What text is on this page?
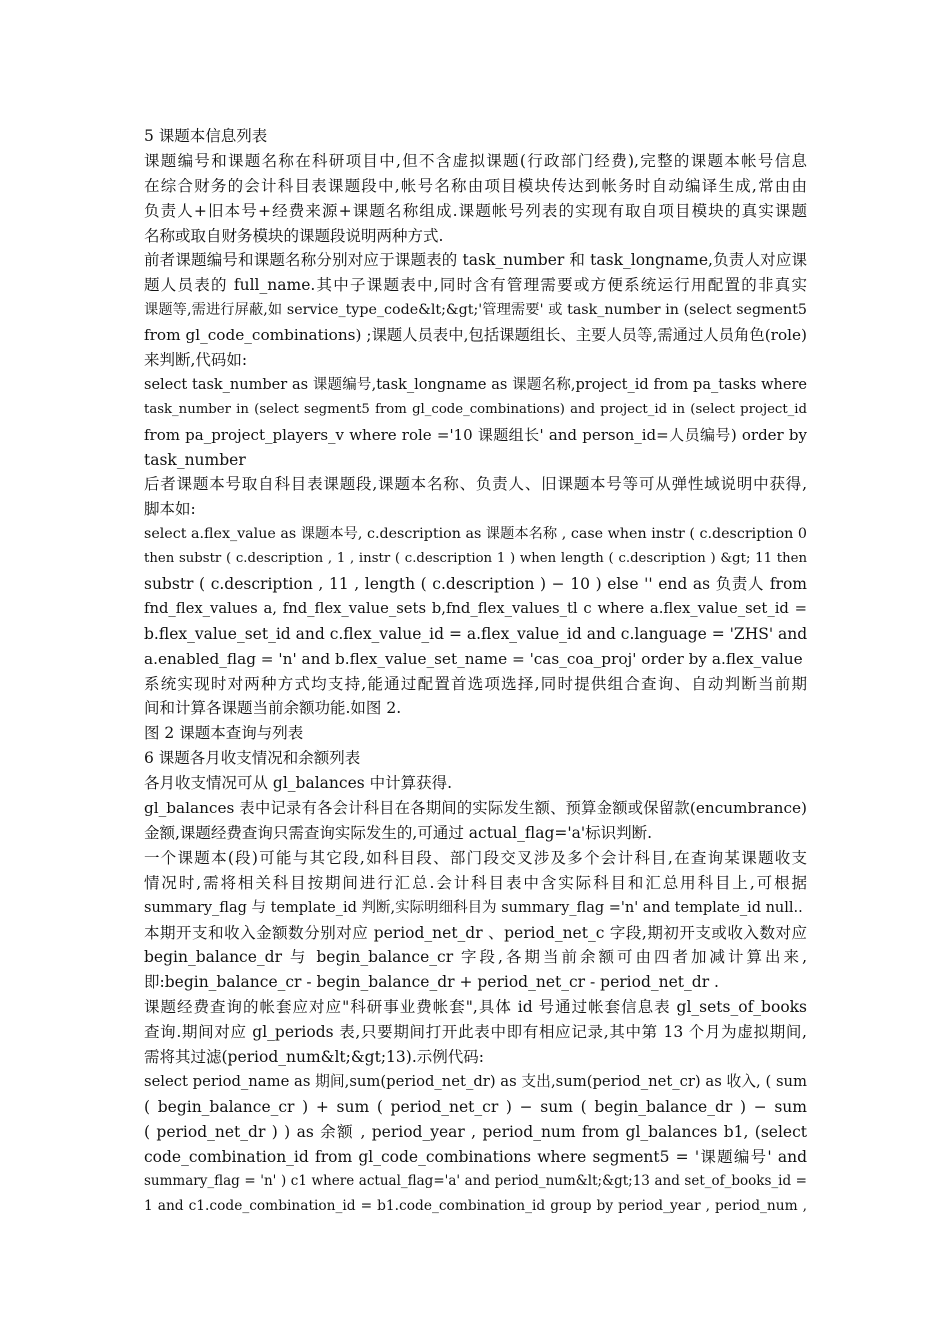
5 课题本信息列表
课题编号和课题名称在科研项目中,但不含虚拟课题(行政部门经费),完整的课题本帐号信息
在综合财务的会计科目表课题段中,帐号名称由项目模块传达到帐务时自动编译生成,常由由
负责人+旧本号+经费来源+课题名称组成.课题帐号列表的实现有取自项目模块的真实课题
名称或取自财务模块的课题段说明两种方式.
前者课题编号和课题名称分别对应于课题表的 task_number 和 task_longname,负责人对应课
题人员表的 full_name.其中子课题表中,同时含有管理需要或方便系统运行用配置的非真实
课题等,需进行屏蔽,如 service_type_code&lt;&gt;'管理需要' 或 task_number in (select segment5
from gl_code_combinations) ;课题人员表中,包括课题组长、主要人员等,需通过人员角色(role)
来判断,代码如:
select task_number as 课题编号,task_longname as 课题名称,project_id from pa_tasks where
task_number in (select segment5 from gl_code_combinations) and project_id in (select project_id
from pa_project_players_v where role ='10 课题组长' and person_id=人员编号) order by
task_number
后者课题本号取自科目表课题段,课题本名称、负责人、旧课题本号等可从弹性域说明中获得,
脚本如:
select a.flex_value as 课题本号, c.description as 课题本名称 , case when instr ( c.description 0
then substr ( c.description , 1 , instr ( c.description 1 ) when length ( c.description ) &gt; 11 then
substr ( c.description , 11 , length ( c.description ) − 10 ) else '' end as 负责人 from
fnd_flex_values a, fnd_flex_value_sets b,fnd_flex_values_tl c where a.flex_value_set_id =
b.flex_value_set_id and c.flex_value_id = a.flex_value_id and c.language = 'ZHS' and
a.enabled_flag = 'n' and b.flex_value_set_name = 'cas_coa_proj' order by a.flex_value
系统实现时对两种方式均支持,能通过配置首选项选择,同时提供组合查询、自动判断当前期
间和计算各课题当前余额功能.如图 2.
图 2 课题本查询与列表
6 课题各月收支情况和余额列表
各月收支情况可从 gl_balances 中计算获得.
gl_balances 表中记录有各会计科目在各期间的实际发生额、预算金额或保留款(encumbrance)
金额,课题经费查询只需查询实际发生的,可通过 actual_flag='a'标识判断.
一个课题本(段)可能与其它段,如科目段、部门段交叉涉及多个会计科目,在查询某课题收支
情况时,需将相关科目按期间进行汇总.会计科目表中含实际科目和汇总用科目上,可根据
summary_flag 与 template_id 判断,实际明细科目为 summary_flag ='n' and template_id null..
本期开支和收入金额数分别对应 period_net_dr 、period_net_c 字段,期初开支或收入数对应
begin_balance_dr 与 begin_balance_cr 字段,各期当前余额可由四者加减计算出来,
即:begin_balance_cr - begin_balance_dr + period_net_cr - period_net_dr .
课题经费查询的帐套应对应"科研事业费帐套",具体 id 号通过帐套信息表 gl_sets_of_books
查询.期间对应 gl_periods 表,只要期间打开此表中即有相应记录,其中第 13 个月为虚拟期间,
需将其过滤(period_num&lt;&gt;13).示例代码:
select period_name as 期间,sum(period_net_dr) as 支出,sum(period_net_cr) as 收入, ( sum
( begin_balance_cr ) + sum ( period_net_cr ) − sum ( begin_balance_dr ) − sum
( period_net_dr ) ) as 余额 , period_year , period_num from gl_balances b1, (select
code_combination_id from gl_code_combinations where segment5 = '课题编号' and
summary_flag = 'n' ) c1 where actual_flag='a' and period_num&lt;&gt;13 and set_of_books_id =
1 and c1.code_combination_id = b1.code_combination_id group by period_year , period_num ,
